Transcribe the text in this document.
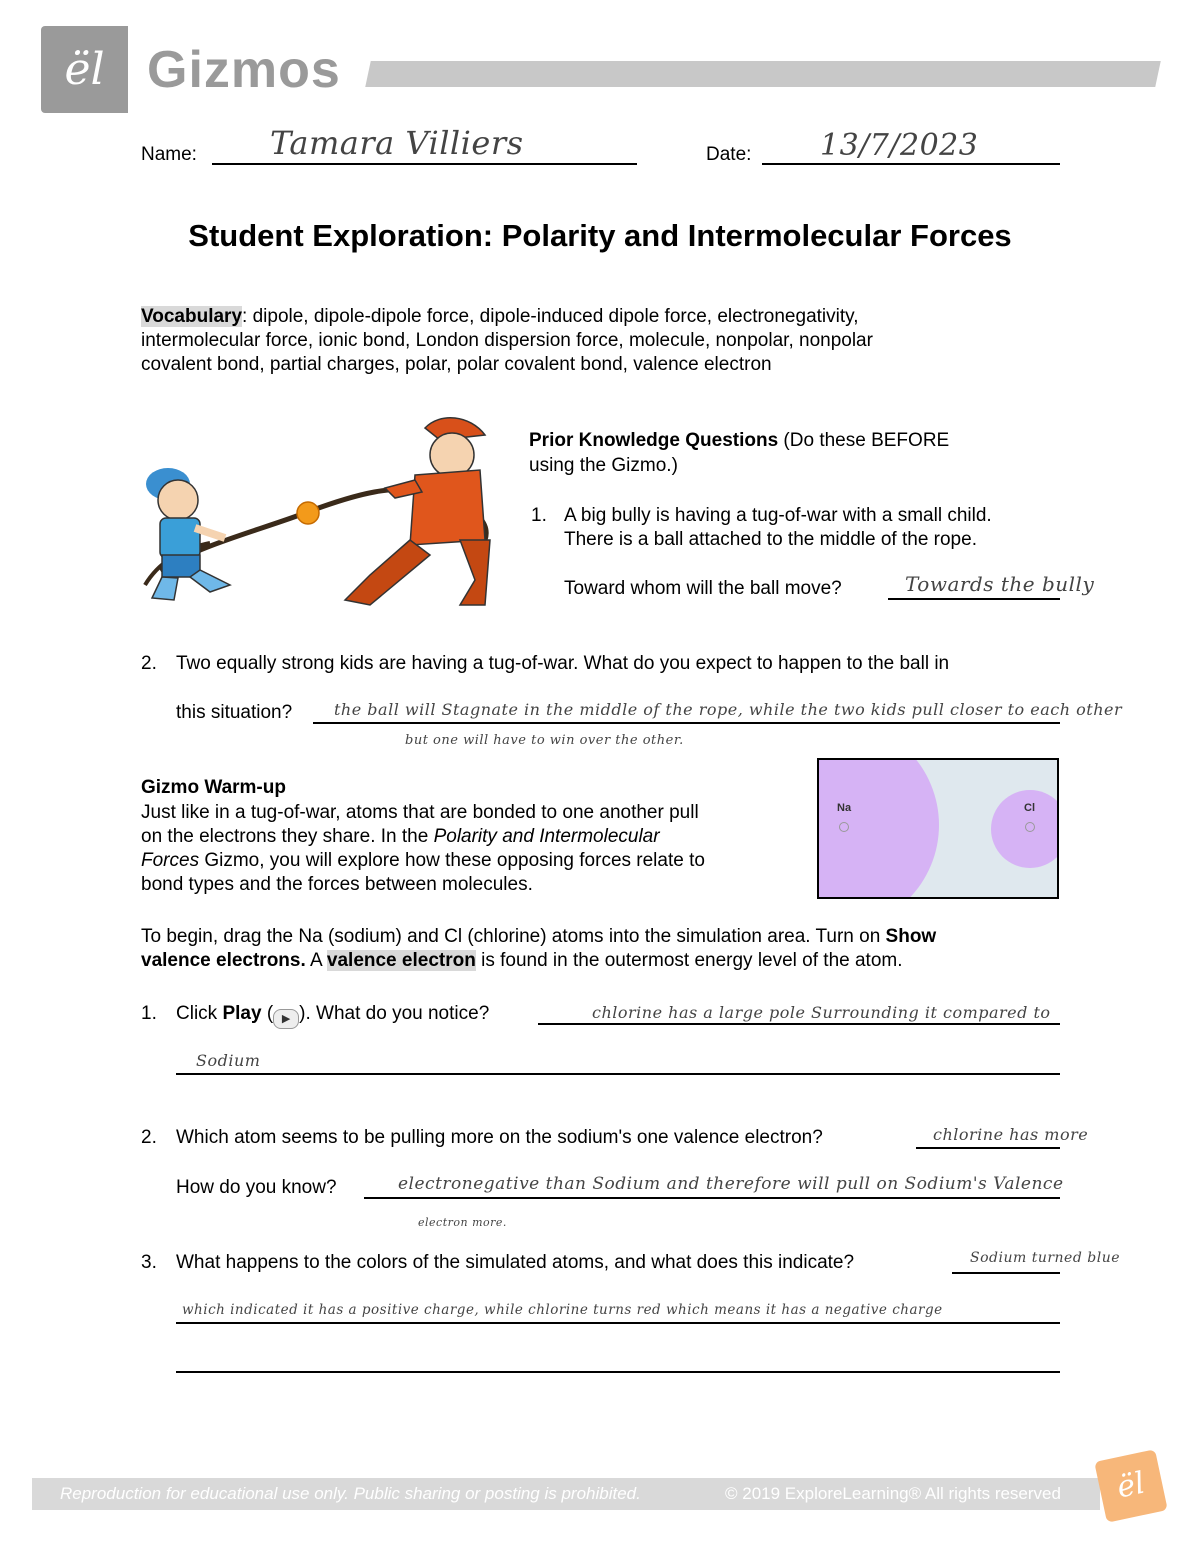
ël Gizmos
Name: Tamara Villiers	Date: 13/7/2023
Student Exploration: Polarity and Intermolecular Forces
Vocabulary: dipole, dipole-dipole force, dipole-induced dipole force, electronegativity,
intermolecular force, ionic bond, London dispersion force, molecule, nonpolar, nonpolar
covalent bond, partial charges, polar, polar covalent bond, valence electron
Prior Knowledge Questions (Do these BEFORE
using the Gizmo.)
1. A big bully is having a tug-of-war with a small child.
There is a ball attached to the middle of the rope.
Toward whom will the ball move?	Towards the bully
2. Two equally strong kids are having a tug-of-war. What do you expect to happen to the ball in
this situation?	the ball will Stagnate in the middle of the rope, while the two kids pull closer to each other
but one will have to win over the other.
Gizmo Warm-up
Just like in a tug-of-war, atoms that are bonded to one another pull
on the electrons they share. In the Polarity and Intermolecular
Forces Gizmo, you will explore how these opposing forces relate to
bond types and the forces between molecules.
Na	Cl
To begin, drag the Na (sodium) and Cl (chlorine) atoms into the simulation area. Turn on Show
valence electrons. A valence electron is found in the outermost energy level of the atom.
1. Click Play ( ▶ ). What do you notice?	chlorine has a large pole Surrounding it compared to
Sodium
2. Which atom seems to be pulling more on the sodium's one valence electron?	chlorine has more
How do you know?	electronegative than Sodium and therefore will pull on Sodium's Valence
electron more.
3. What happens to the colors of the simulated atoms, and what does this indicate?	Sodium turned blue
which indicated it has a positive charge, while chlorine turns red which means it has a negative charge
Reproduction for educational use only. Public sharing or posting is prohibited.	© 2019 ExploreLearning® All rights reserved	ël
